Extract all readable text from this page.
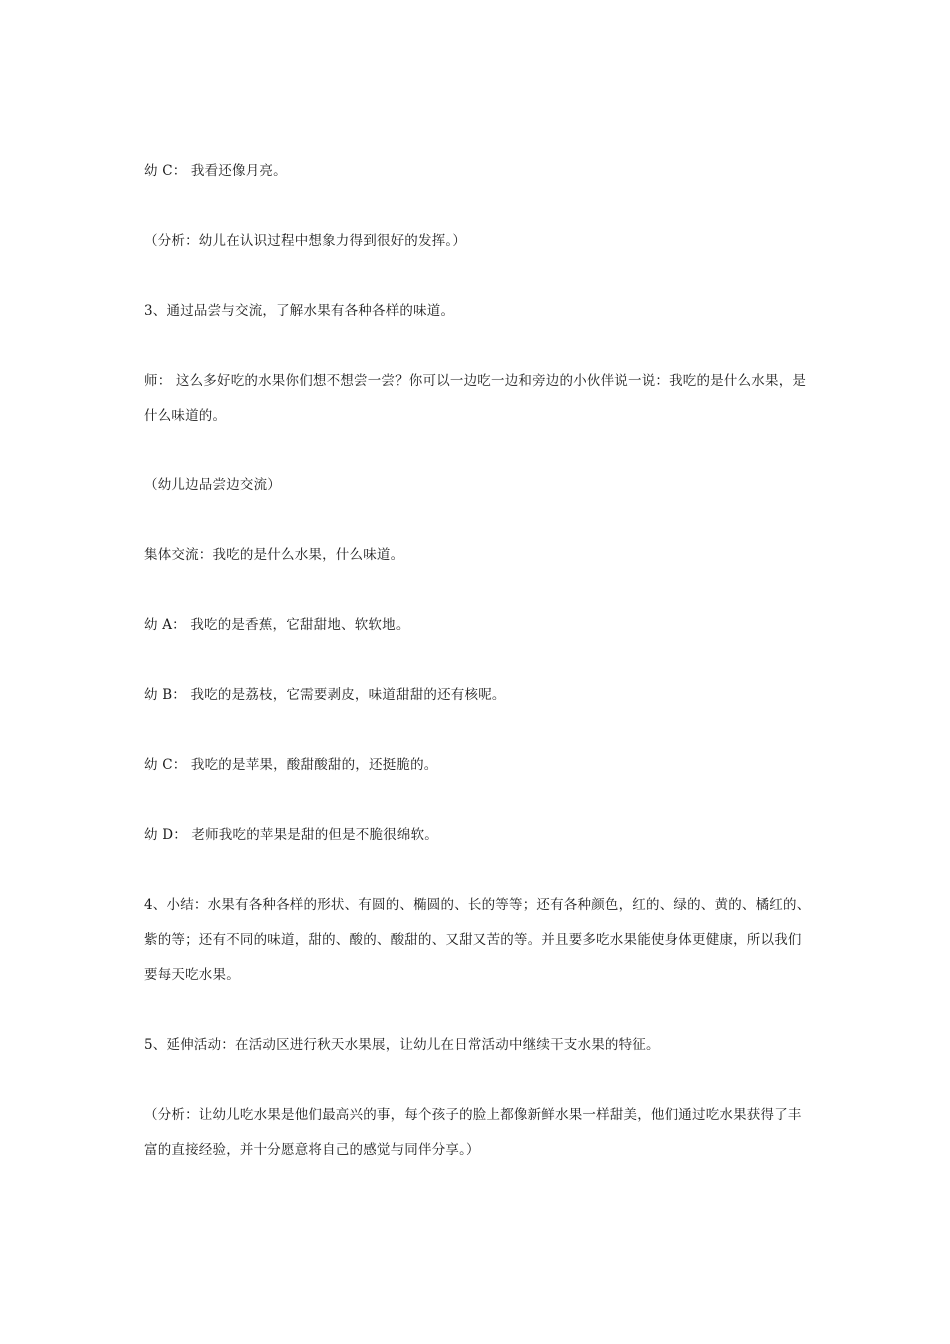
幼 C： 我看还像月亮。

（分析：幼儿在认识过程中想象力得到很好的发挥。）

3、通过品尝与交流，了解水果有各种各样的味道。

师： 这么多好吃的水果你们想不想尝一尝？你可以一边吃一边和旁边的小伙伴说一说：我吃的是什么水果，是什么味道的。

（幼儿边品尝边交流）

集体交流：我吃的是什么水果，什么味道。

幼 A： 我吃的是香蕉，它甜甜地、软软地。

幼 B： 我吃的是荔枝，它需要剥皮，味道甜甜的还有核呢。

幼 C： 我吃的是苹果，酸甜酸甜的，还挺脆的。

幼 D： 老师我吃的苹果是甜的但是不脆很绵软。

4、小结：水果有各种各样的形状、有圆的、椭圆的、长的等等；还有各种颜色，红的、绿的、黄的、橘红的、紫的等；还有不同的味道，甜的、酸的、酸甜的、又甜又苦的等。并且要多吃水果能使身体更健康，所以我们要每天吃水果。

5、延伸活动：在活动区进行秋天水果展，让幼儿在日常活动中继续干支水果的特征。

（分析：让幼儿吃水果是他们最高兴的事，每个孩子的脸上都像新鲜水果一样甜美，他们通过吃水果获得了丰富的直接经验，并十分愿意将自己的感觉与同伴分享。）
